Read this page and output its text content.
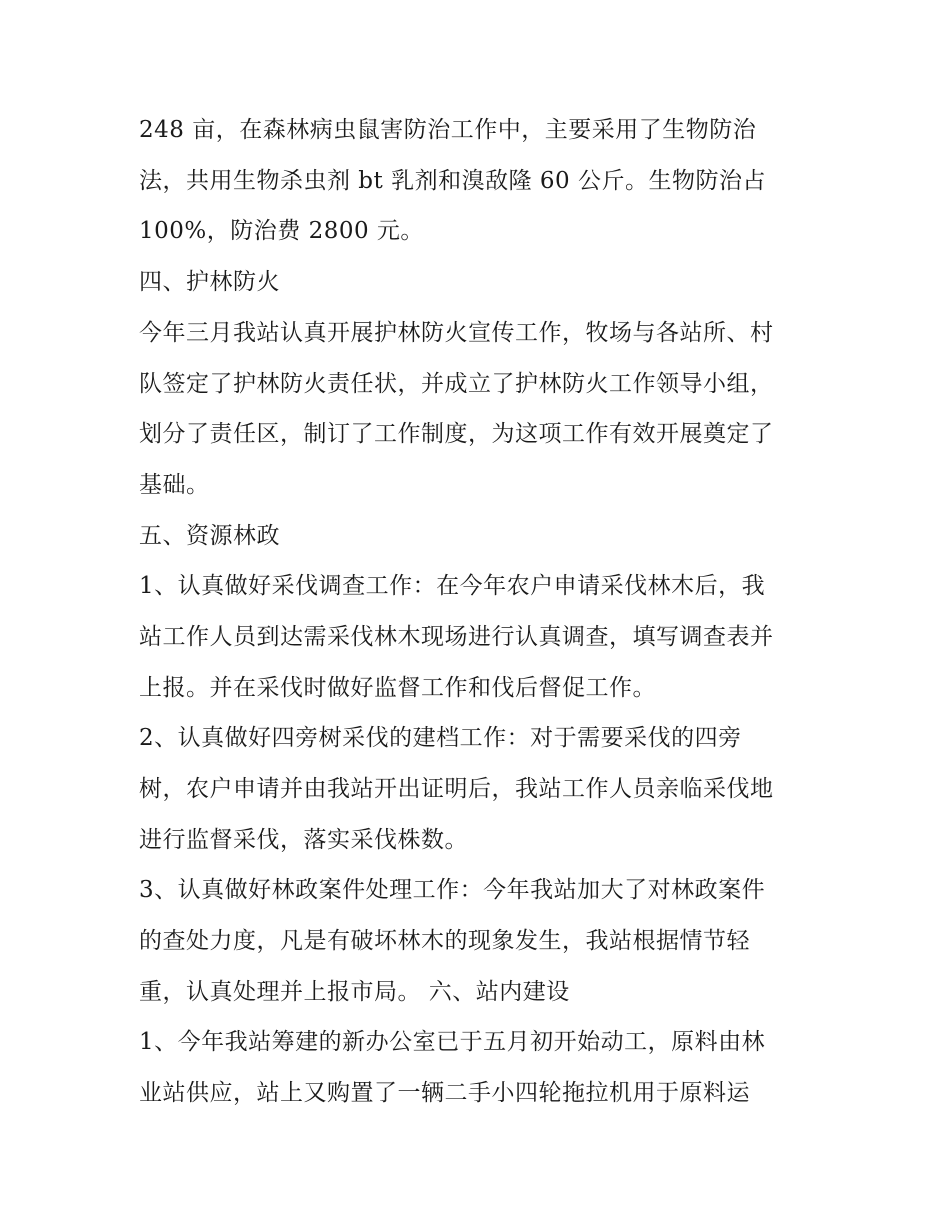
248 亩，在森林病虫鼠害防治工作中，主要采用了生物防治
法，共用生物杀虫剂 bt 乳剂和溴敌隆 60 公斤。生物防治占
100%，防治费 2800 元。
四、护林防火
今年三月我站认真开展护林防火宣传工作，牧场与各站所、村
队签定了护林防火责任状，并成立了护林防火工作领导小组，
划分了责任区，制订了工作制度，为这项工作有效开展奠定了
基础。
五、资源林政
1、认真做好采伐调查工作：在今年农户申请采伐林木后，我
站工作人员到达需采伐林木现场进行认真调查，填写调查表并
上报。并在采伐时做好监督工作和伐后督促工作。
2、认真做好四旁树采伐的建档工作：对于需要采伐的四旁
树，农户申请并由我站开出证明后，我站工作人员亲临采伐地
进行监督采伐，落实采伐株数。
3、认真做好林政案件处理工作：今年我站加大了对林政案件
的查处力度，凡是有破坏林木的现象发生，我站根据情节轻
重，认真处理并上报市局。 六、站内建设
1、今年我站筹建的新办公室已于五月初开始动工，原料由林
业站供应，站上又购置了一辆二手小四轮拖拉机用于原料运
